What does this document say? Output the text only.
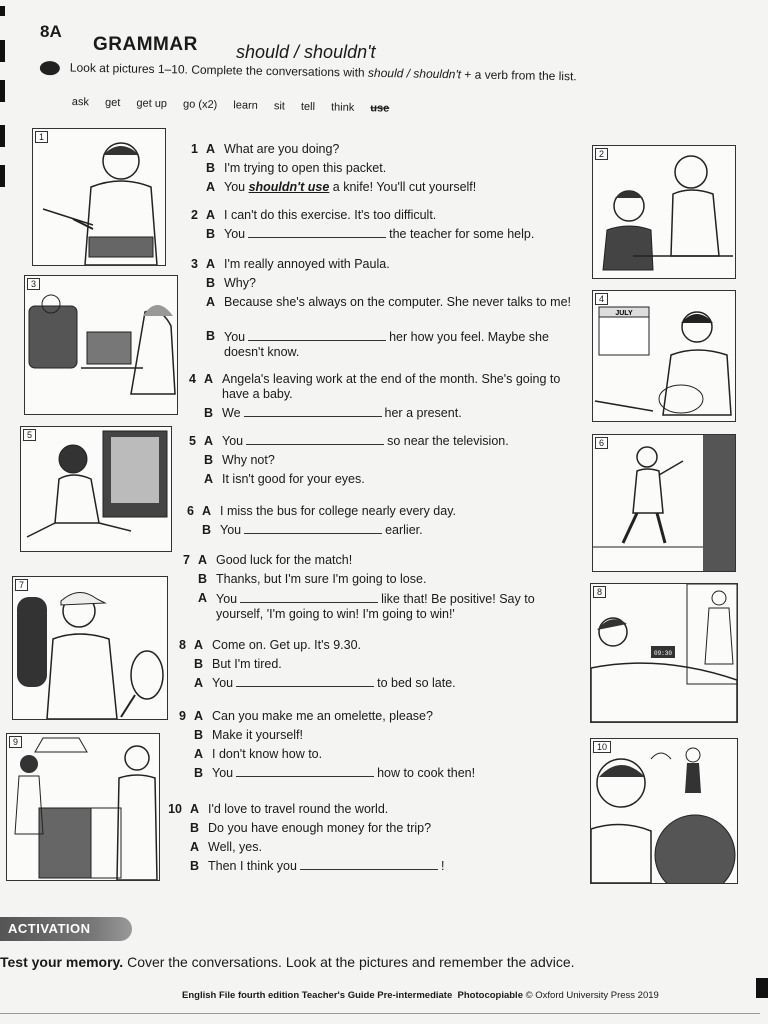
8A
GRAMMAR should / shouldn't
Look at pictures 1–10. Complete the conversations with should / shouldn't + a verb from the list.
ask get get up go (x2) learn sit tell think use
1
2
3
4
JULY
5
6
7
8
09:30
9	10
1 A What are you doing?
B I'm trying to open this packet.
A You shouldn't use a knife! You'll cut yourself!
2 A I can't do this exercise. It's too difficult.
B You	the teacher for some help.
3 A I'm really annoyed with Paula.
B Why?
A Because she's always on the computer. She never talks to me!
B You	her how you feel. Maybe she doesn't know.
4 A Angela's leaving work at the end of the month. She's going to have a baby.
B We	her a present.
5 A You	so near the television.
B Why not?
A It isn't good for your eyes.
6 A I miss the bus for college nearly every day.
B You	earlier.
7 A Good luck for the match!
B Thanks, but I'm sure I'm going to lose.
A You	like that! Be positive! Say to yourself, 'I'm going to win! I'm going to win!'
8 A Come on. Get up. It's 9.30.
B But I'm tired.
A You	to bed so late.
9 A Can you make me an omelette, please?
B Make it yourself!
A I don't know how to.
B You	how to cook then!
10 A I'd love to travel round the world.
B Do you have enough money for the trip?
A Well, yes.
B Then I think you	!
ACTIVATION
Test your memory. Cover the conversations. Look at the pictures and remember the advice.
English File fourth edition Teacher's Guide Pre-intermediate Photocopiable © Oxford University Press 2019
